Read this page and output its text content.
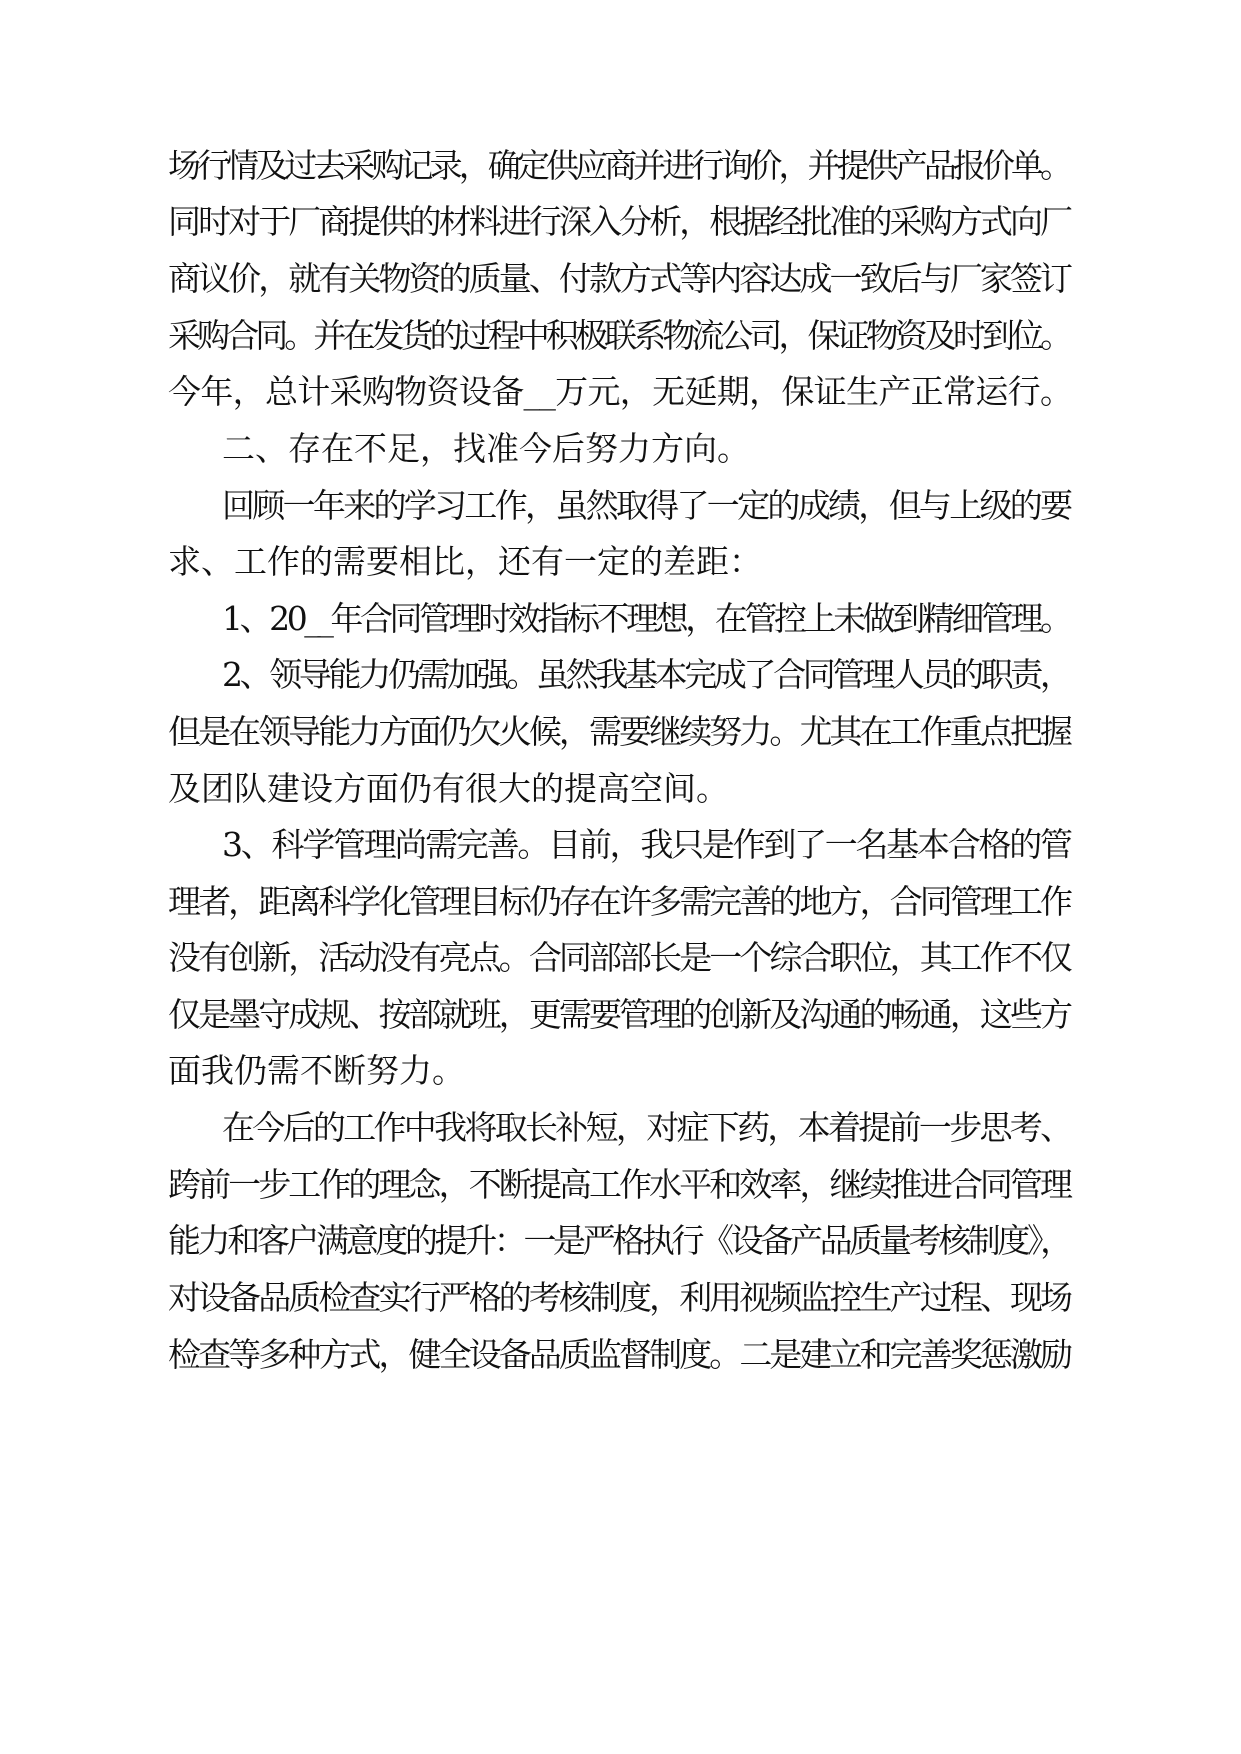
场行情及过去采购记录，确定供应商并进行询价，并提供产品报价单。
同时对于厂商提供的材料进行深入分析，根据经批准的采购方式向厂
商议价，就有关物资的质量、付款方式等内容达成一致后与厂家签订
采购合同。并在发货的过程中积极联系物流公司，保证物资及时到位。
今年，总计采购物资设备__万元，无延期，保证生产正常运行。
二、存在不足，找准今后努力方向。
回顾一年来的学习工作，虽然取得了一定的成绩，但与上级的要
求、工作的需要相比，还有一定的差距：
1、20__年合同管理时效指标不理想，在管控上未做到精细管理。
2、领导能力仍需加强。虽然我基本完成了合同管理人员的职责，
但是在领导能力方面仍欠火候，需要继续努力。尤其在工作重点把握
及团队建设方面仍有很大的提高空间。
3、科学管理尚需完善。目前，我只是作到了一名基本合格的管
理者，距离科学化管理目标仍存在许多需完善的地方，合同管理工作
没有创新，活动没有亮点。合同部部长是一个综合职位，其工作不仅
仅是墨守成规、按部就班，更需要管理的创新及沟通的畅通，这些方
面我仍需不断努力。
在今后的工作中我将取长补短，对症下药，本着提前一步思考、
跨前一步工作的理念，不断提高工作水平和效率，继续推进合同管理
能力和客户满意度的提升：一是严格执行《设备产品质量考核制度》，
对设备品质检查实行严格的考核制度，利用视频监控生产过程、现场
检查等多种方式，健全设备品质监督制度。二是建立和完善奖惩激励
